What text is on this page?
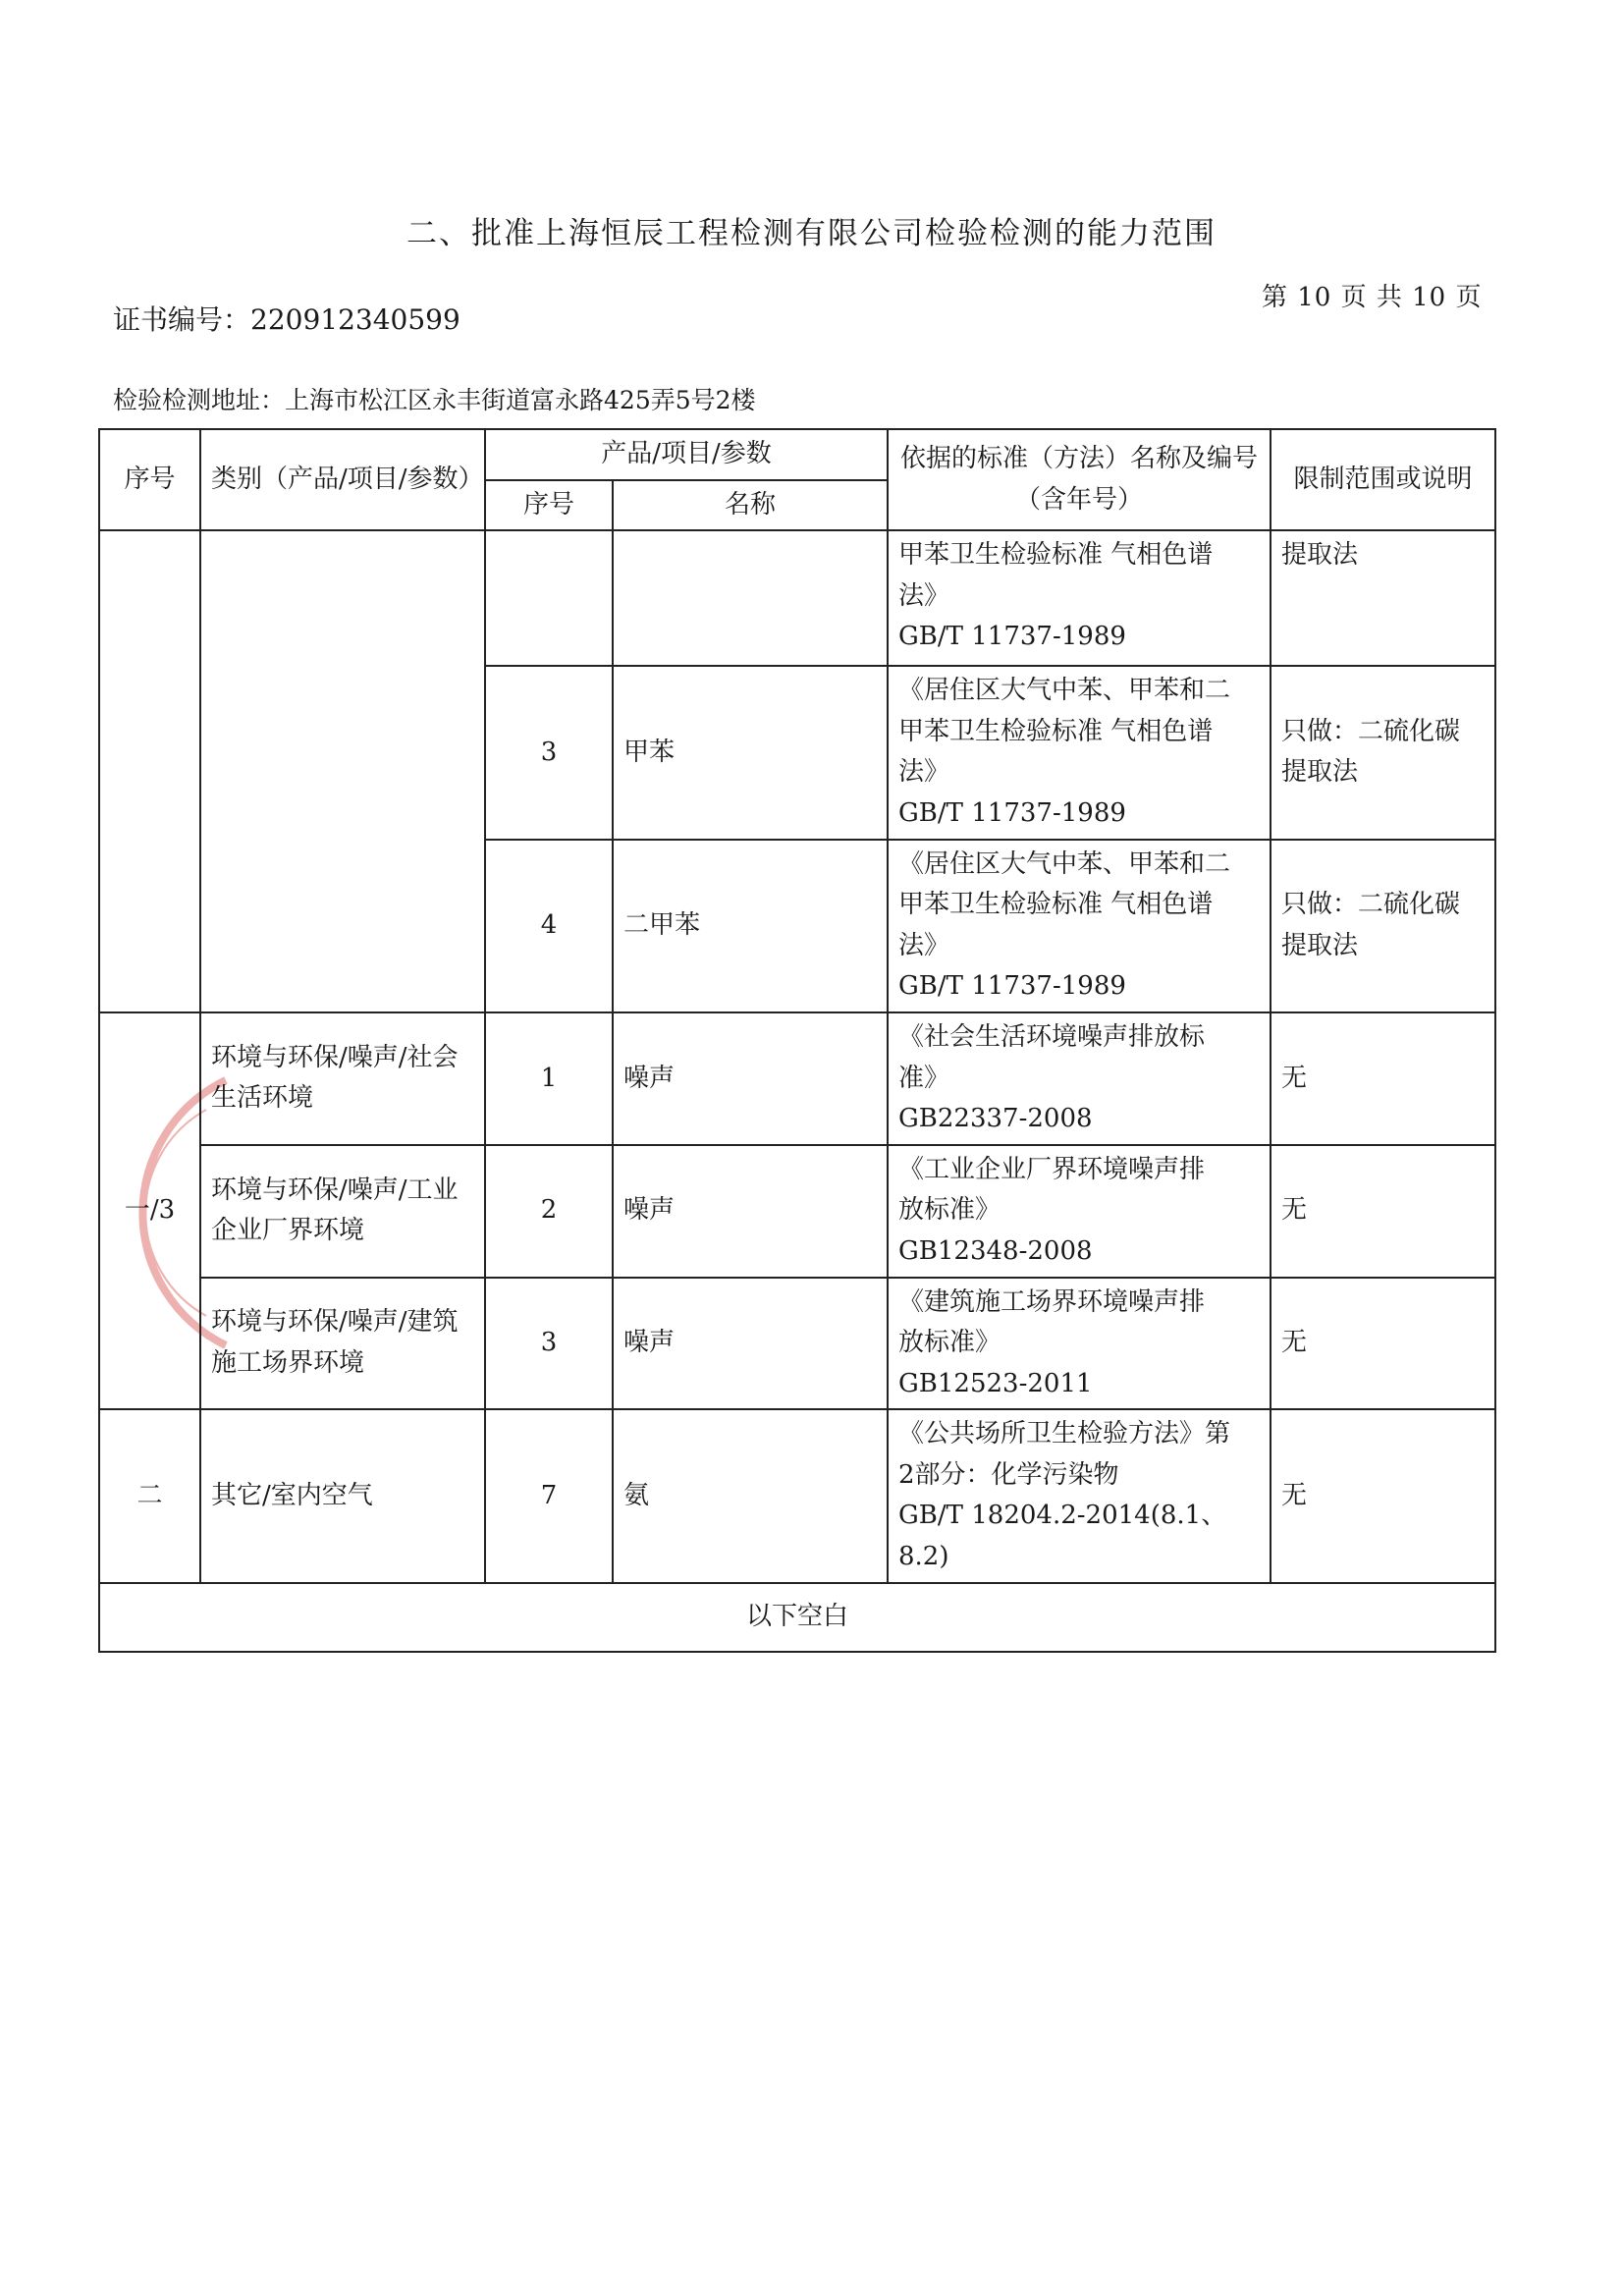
二、批准上海恒辰工程检测有限公司检验检测的能力范围
第 10 页 共 10 页
证书编号：220912340599
检验检测地址：上海市松江区永丰街道富永路425弄5号2楼
序号	类别（产品/项目/参数）	产品/项目/参数		依据的标准（方法）名称及编号（含年号）	限制范围或说明
		序号	名称		

				甲苯卫生检验标准 气相色谱
法》
GB/T 11737-1989	提取法
		3	甲苯	《居住区大气中苯、甲苯和二
甲苯卫生检验标准 气相色谱
法》
GB/T 11737-1989	只做：二硫化碳提取法
		4	二甲苯	《居住区大气中苯、甲苯和二
甲苯卫生检验标准 气相色谱
法》
GB/T 11737-1989	只做：二硫化碳提取法
一/3	环境与环保/噪声/社会生活环境	1	噪声	《社会生活环境噪声排放标
准》
GB22337-2008	无
	环境与环保/噪声/工业企业厂界环境	2	噪声	《工业企业厂界环境噪声排
放标准》
GB12348-2008	无
	环境与环保/噪声/建筑施工场界环境	3	噪声	《建筑施工场界环境噪声排
放标准》
GB12523-2011	无
二	其它/室内空气	7	氨	《公共场所卫生检验方法》第
2部分：化学污染物
GB/T 18204.2-2014(8.1、8.2)	无
以下空白					
